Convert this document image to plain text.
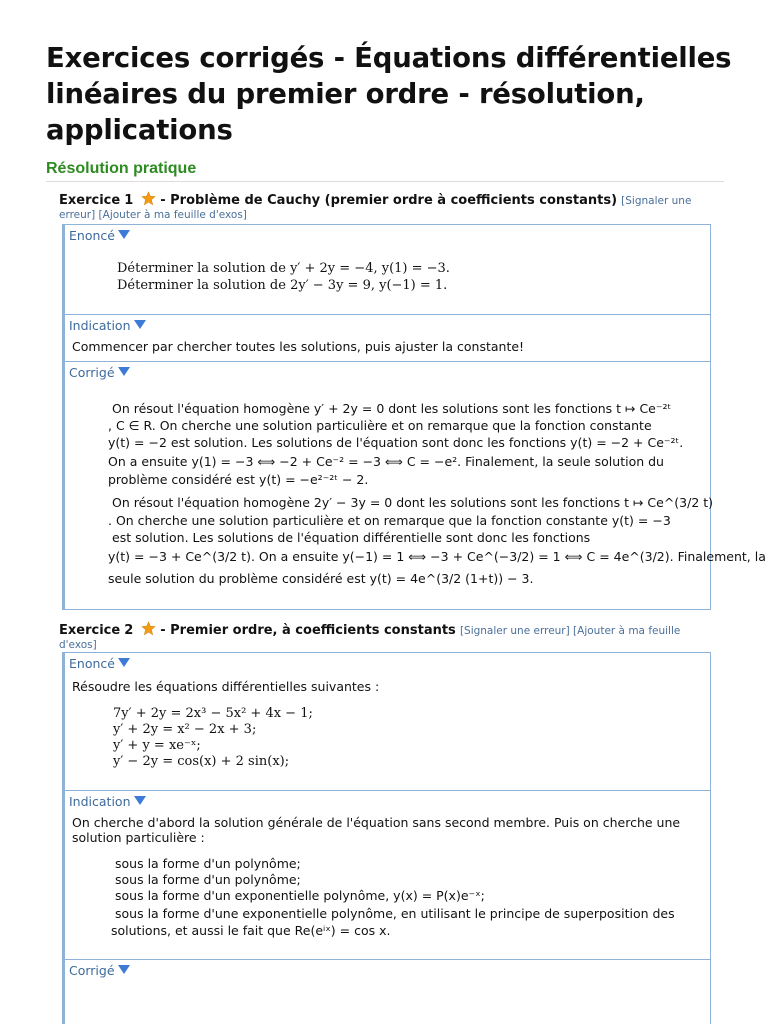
Exercices corrigés - Équations différentielles linéaires du premier ordre - résolution, applications
Résolution pratique
Exercice 1 - Problème de Cauchy (premier ordre à coefficients constants) [Signaler une erreur] [Ajouter à ma feuille d'exos]
Enoncé
Déterminer la solution de y′ + 2y = −4, y(1) = −3.
Déterminer la solution de 2y′ − 3y = 9, y(−1) = 1.
Indication
Commencer par chercher toutes les solutions, puis ajuster la constante!
Corrigé
On résout l'équation homogène y′ + 2y = 0 dont les solutions sont les fonctions t ↦ Ce⁻²ᵗ
, C ∈ R. On cherche une solution particulière et on remarque que la fonction constante
y(t) = −2 est solution. Les solutions de l'équation sont donc les fonctions y(t) = −2 + Ce⁻²ᵗ.
On a ensuite y(1) = −3 ⟺ −2 + Ce⁻² = −3 ⟺ C = −e². Finalement, la seule solution du
problème considéré est y(t) = −e²⁻²ᵗ − 2.
On résout l'équation homogène 2y′ − 3y = 0 dont les solutions sont les fonctions t ↦ Ce^(3/2 t)
. On cherche une solution particulière et on remarque que la fonction constante y(t) = −3
est solution. Les solutions de l'équation différentielle sont donc les fonctions
y(t) = −3 + Ce^(3/2 t). On a ensuite y(−1) = 1 ⟺ −3 + Ce^(−3/2) = 1 ⟺ C = 4e^(3/2). Finalement, la
seule solution du problème considéré est y(t) = 4e^(3/2 (1+t)) − 3.
Exercice 2 - Premier ordre, à coefficients constants [Signaler une erreur] [Ajouter à ma feuille d'exos]
Enoncé
Résoudre les équations différentielles suivantes :
7y′ + 2y = 2x³ − 5x² + 4x − 1;
y′ + 2y = x² − 2x + 3;
y′ + y = xe⁻ˣ;
y′ − 2y = cos(x) + 2 sin(x);
Indication
On cherche d'abord la solution générale de l'équation sans second membre. Puis on cherche une
solution particulière :
sous la forme d'un polynôme;
sous la forme d'un polynôme;
sous la forme d'un exponentielle polynôme, y(x) = P(x)e⁻ˣ;
sous la forme d'une exponentielle polynôme, en utilisant le principe de superposition des
solutions, et aussi le fait que Re(eⁱˣ) = cos x.
Corrigé
